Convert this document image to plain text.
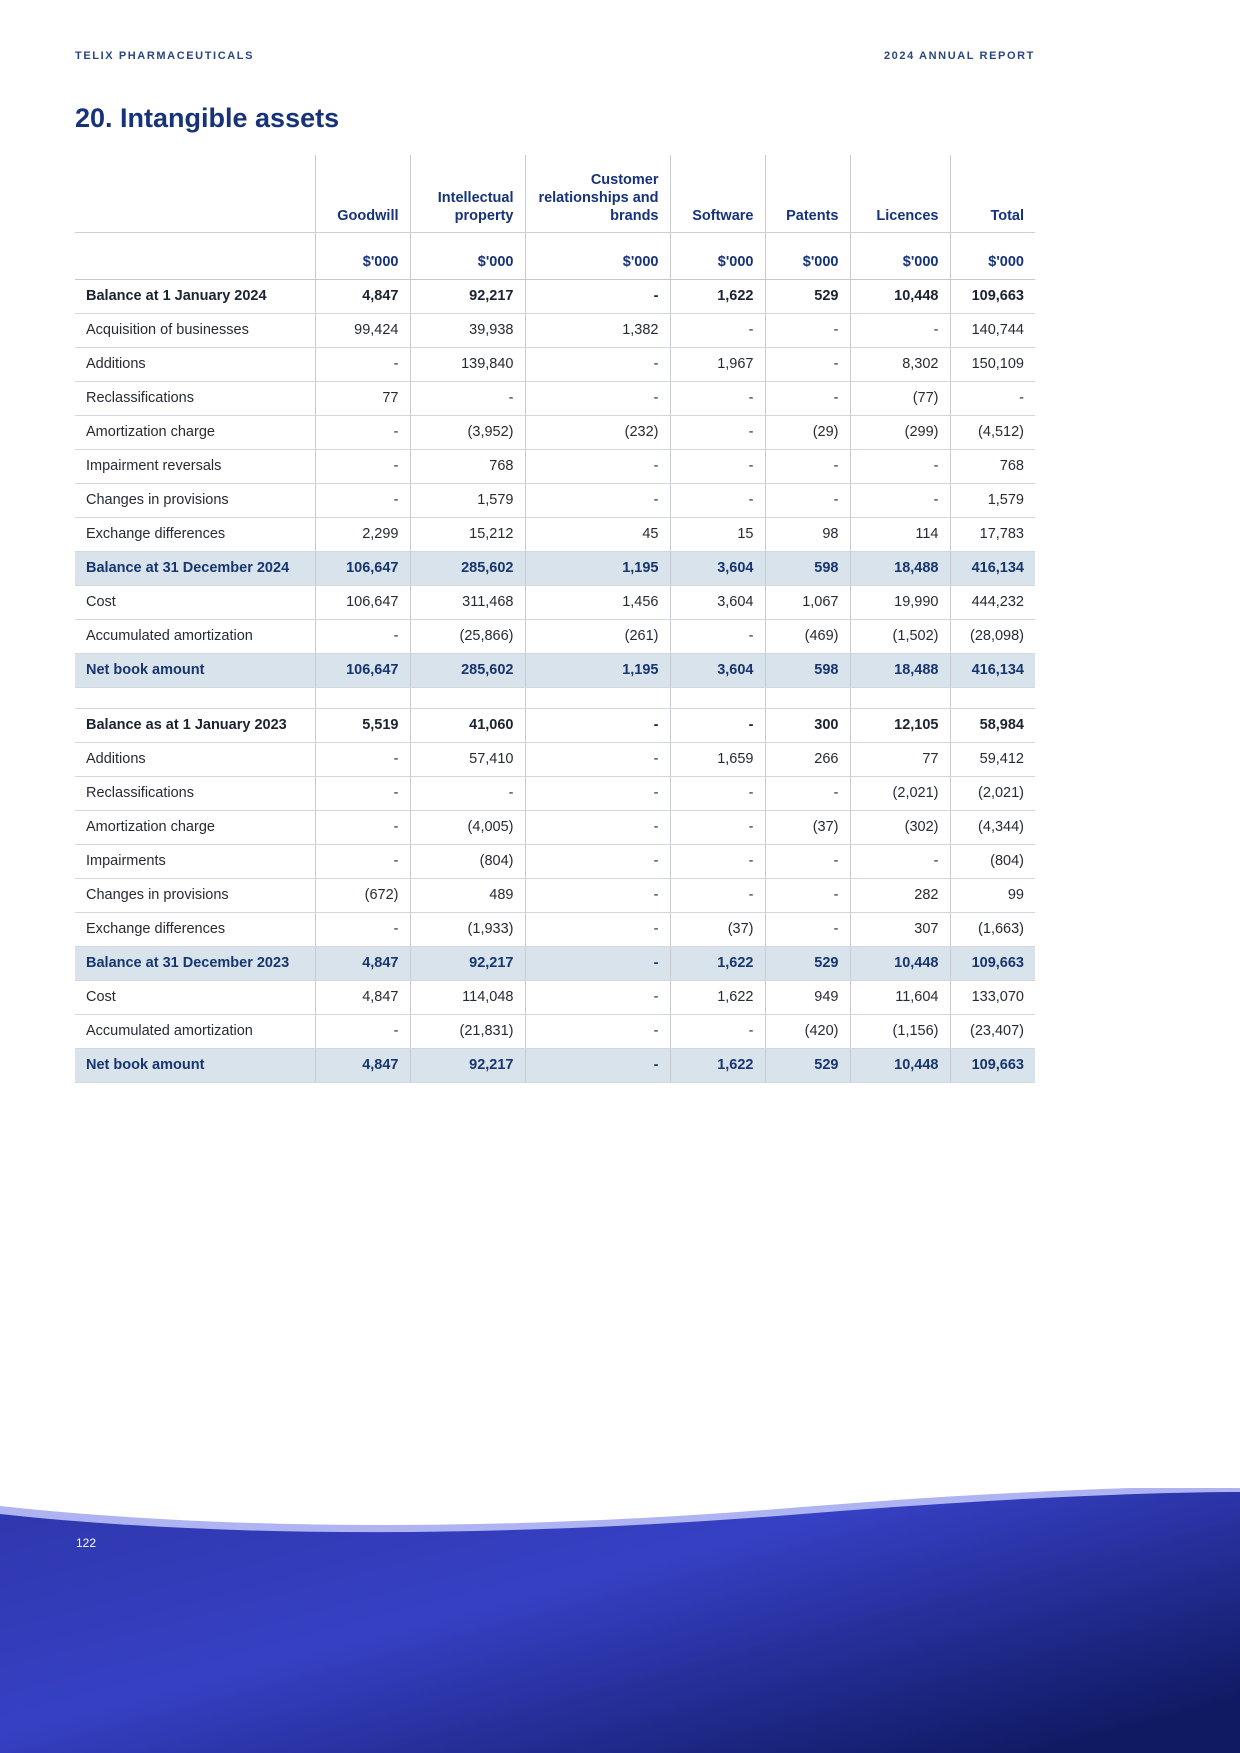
TELIX PHARMACEUTICALS	2024 ANNUAL REPORT
20. Intangible assets
	Goodwill	Intellectual property	Customer relationships and brands	Software	Patents	Licences	Total
	$'000	$'000	$'000	$'000	$'000	$'000	$'000
Balance at 1 January 2024	4,847	92,217	-	1,622	529	10,448	109,663
Acquisition of businesses	99,424	39,938	1,382	-	-	-	140,744
Additions	-	139,840	-	1,967	-	8,302	150,109
Reclassifications	77	-	-	-	-	(77)	-
Amortization charge	-	(3,952)	(232)	-	(29)	(299)	(4,512)
Impairment reversals	-	768	-	-	-	-	768
Changes in provisions	-	1,579	-	-	-	-	1,579
Exchange differences	2,299	15,212	45	15	98	114	17,783
Balance at 31 December 2024	106,647	285,602	1,195	3,604	598	18,488	416,134
Cost	106,647	311,468	1,456	3,604	1,067	19,990	444,232
Accumulated amortization	-	(25,866)	(261)	-	(469)	(1,502)	(28,098)
Net book amount	106,647	285,602	1,195	3,604	598	18,488	416,134

Balance as at 1 January 2023	5,519	41,060	-	-	300	12,105	58,984
Additions	-	57,410	-	1,659	266	77	59,412
Reclassifications	-	-	-	-	-	(2,021)	(2,021)
Amortization charge	-	(4,005)	-	-	(37)	(302)	(4,344)
Impairments	-	(804)	-	-	-	-	(804)
Changes in provisions	(672)	489	-	-	-	282	99
Exchange differences	-	(1,933)	-	(37)	-	307	(1,663)
Balance at 31 December 2023	4,847	92,217	-	1,622	529	10,448	109,663
Cost	4,847	114,048	-	1,622	949	11,604	133,070
Accumulated amortization	-	(21,831)	-	-	(420)	(1,156)	(23,407)
Net book amount	4,847	92,217	-	1,622	529	10,448	109,663
122
